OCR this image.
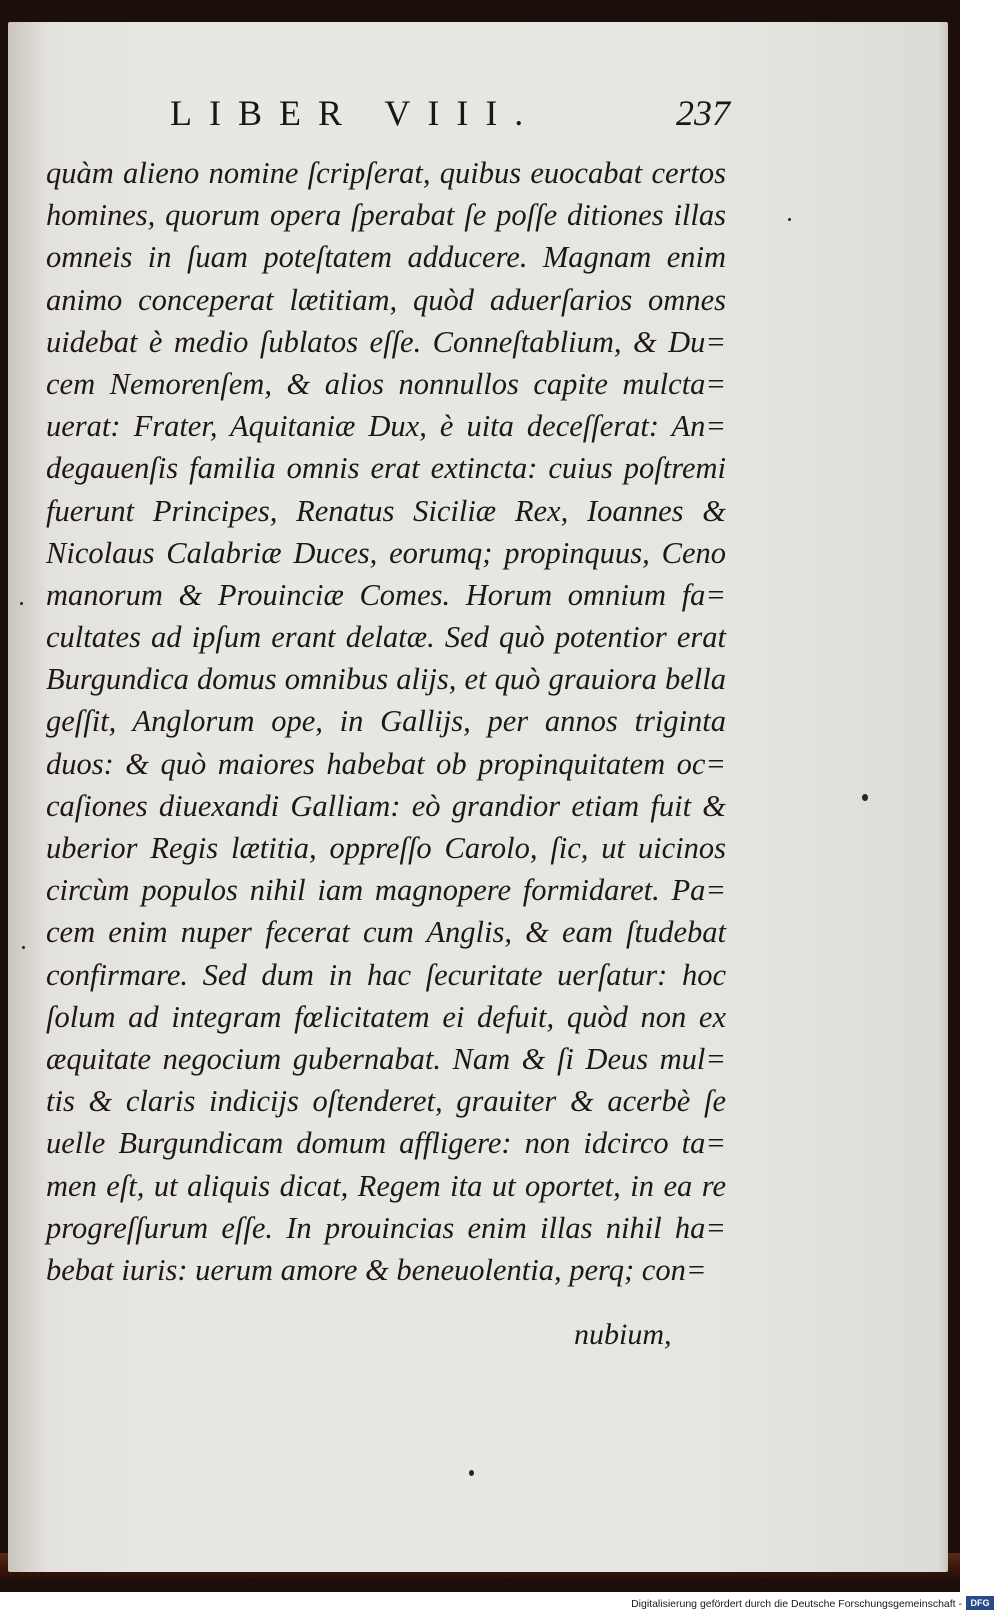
LIBER VIII.	237
quàm alieno nomine ſcripſerat, quibus euocabat certos
homines, quorum opera ſperabat ſe poſſe ditiones illas
omneis in ſuam poteſtatem adducere. Magnam enim
animo conceperat lætitiam, quòd aduerſarios omnes
uidebat è medio ſublatos eſſe. Conneſtablium, & Du=
cem Nemorenſem, & alios nonnullos capite mulcta=
uerat: Frater, Aquitaniæ Dux, è uita deceſſerat: An=
degauenſis familia omnis erat extincta: cuius poſtremi
fuerunt Principes, Renatus Siciliæ Rex, Ioannes &
Nicolaus Calabriæ Duces, eorumq; propinquus, Ceno
manorum & Prouinciæ Comes. Horum omnium fa=
cultates ad ipſum erant delatæ. Sed quò potentior erat
Burgundica domus omnibus alijs, et quò grauiora bella
geſſit, Anglorum ope, in Gallijs, per annos triginta
duos: & quò maiores habebat ob propinquitatem oc=
caſiones diuexandi Galliam: eò grandior etiam fuit &
uberior Regis lætitia, oppreſſo Carolo, ſic, ut uicinos
circùm populos nihil iam magnopere formidaret. Pa=
cem enim nuper fecerat cum Anglis, & eam ſtudebat
confirmare. Sed dum in hac ſecuritate uerſatur: hoc
ſolum ad integram fœlicitatem ei defuit, quòd non ex
æquitate negocium gubernabat. Nam & ſi Deus mul=
tis & claris indicijs oſtenderet, grauiter & acerbè ſe
uelle Burgundicam domum affligere: non idcirco ta=
men eſt, ut aliquis dicat, Regem ita ut oportet, in ea re
progreſſurum eſſe. In prouincias enim illas nihil ha=
bebat iuris: uerum amore & beneuolentia, perq; con=
nubium,
Digitalisierung gefördert durch die Deutsche Forschungsgemeinschaft - DFG
